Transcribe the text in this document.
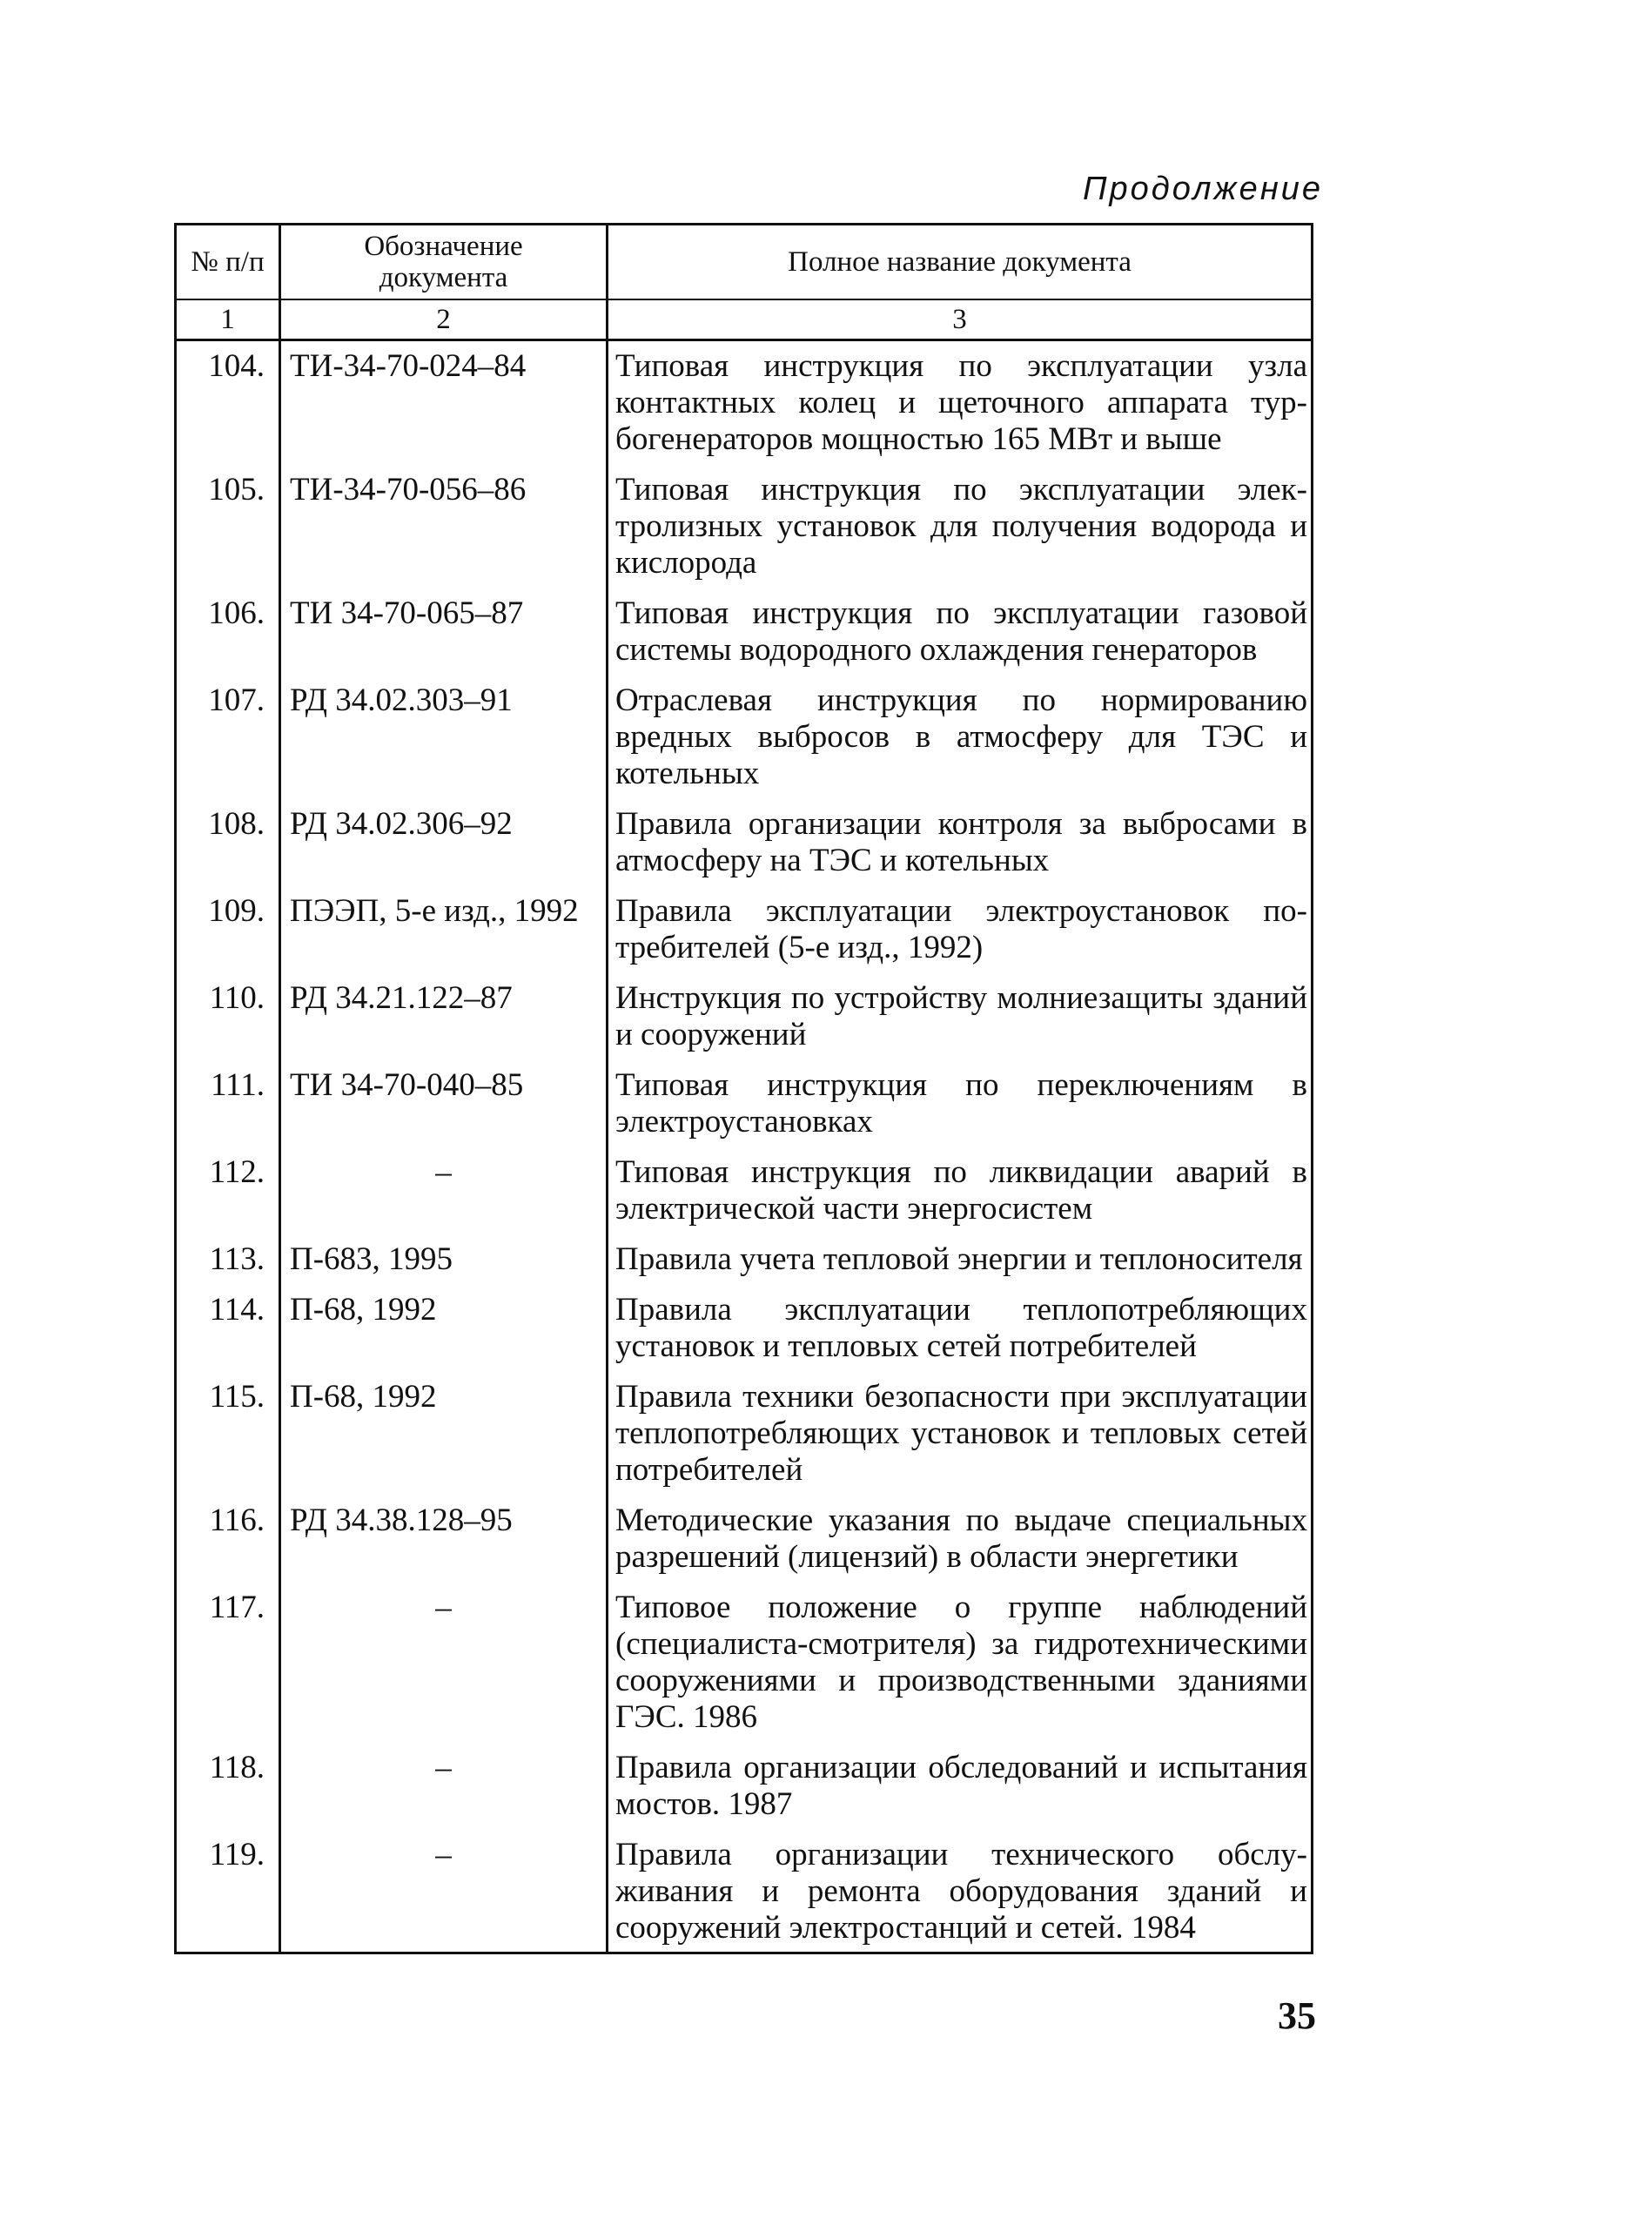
Продолжение
№ п/п	Обозначение документа	Полное название документа
1	2	3
104.	ТИ-34-70-024–84	Типовая инструкция по эксплуатации узла контактных колец и щеточного аппарата турбогенераторов мощностью 165 МВт и выше
105.	ТИ-34-70-056–86	Типовая инструкция по эксплуатации электролизных установок для получения водорода и кислорода
106.	ТИ 34-70-065–87	Типовая инструкция по эксплуатации газовой системы водородного охлаждения генераторов
107.	РД 34.02.303–91	Отраслевая инструкция по нормированию вредных выбросов в атмосферу для ТЭС и котельных
108.	РД 34.02.306–92	Правила организации контроля за выбросами в атмосферу на ТЭС и котельных
109.	ПЭЭП, 5-е изд., 1992	Правила эксплуатации электроустановок потребителей (5-е изд., 1992)
110.	РД 34.21.122–87	Инструкция по устройству молниезащиты зданий и сооружений
111.	ТИ 34-70-040–85	Типовая инструкция по переключениям в электроустановках
112.	–	Типовая инструкция по ликвидации аварий в электрической части энергосистем
113.	П-683, 1995	Правила учета тепловой энергии и теплоносителя
114.	П-68, 1992	Правила эксплуатации теплопотребляющих установок и тепловых сетей потребителей
115.	П-68, 1992	Правила техники безопасности при эксплуатации теплопотребляющих установок и тепловых сетей потребителей
116.	РД 34.38.128–95	Методические указания по выдаче специальных разрешений (лицензий) в области энергетики
117.	–	Типовое положение о группе наблюдений (специалиста-смотрителя) за гидротехническими сооружениями и производственными зданиями ГЭС. 1986
118.	–	Правила организации обследований и испытания мостов. 1987
119.	–	Правила организации технического обслуживания и ремонта оборудования зданий и сооружений электростанций и сетей. 1984
35
